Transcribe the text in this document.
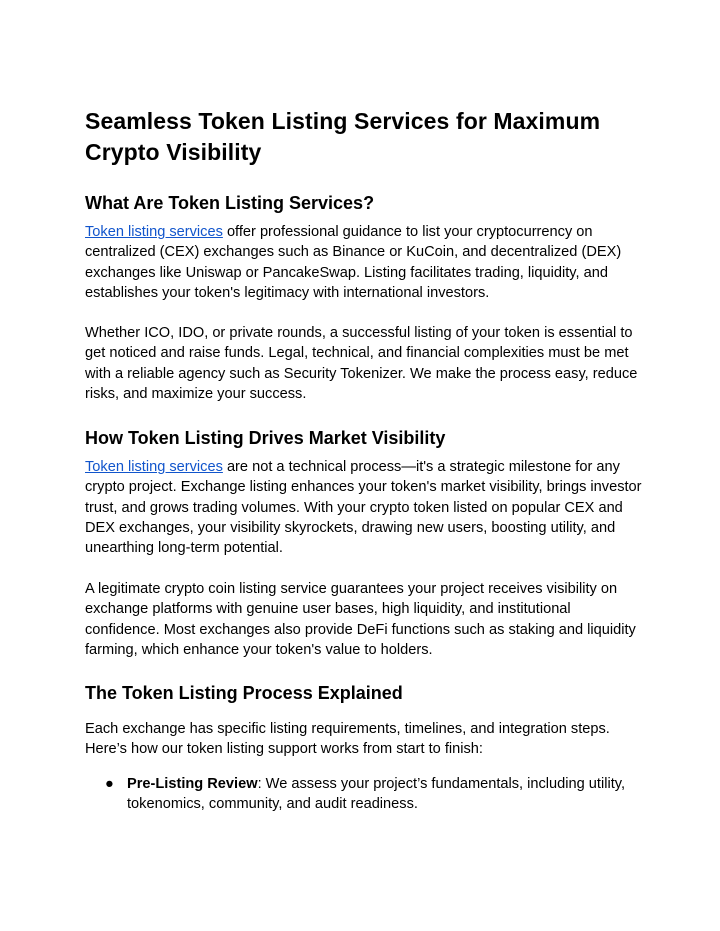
Seamless Token Listing Services for Maximum Crypto Visibility
What Are Token Listing Services?

Token listing services offer professional guidance to list your cryptocurrency on centralized (CEX) exchanges such as Binance or KuCoin, and decentralized (DEX) exchanges like Uniswap or PancakeSwap. Listing facilitates trading, liquidity, and establishes your token's legitimacy with international investors.

Whether ICO, IDO, or private rounds, a successful listing of your token is essential to get noticed and raise funds. Legal, technical, and financial complexities must be met with a reliable agency such as Security Tokenizer. We make the process easy, reduce risks, and maximize your success.

How Token Listing Drives Market Visibility

Token listing services are not a technical process—it's a strategic milestone for any crypto project. Exchange listing enhances your token's market visibility, brings investor trust, and grows trading volumes. With your crypto token listed on popular CEX and DEX exchanges, your visibility skyrockets, drawing new users, boosting utility, and unearthing long-term potential.

A legitimate crypto coin listing service guarantees your project receives visibility on exchange platforms with genuine user bases, high liquidity, and institutional confidence. Most exchanges also provide DeFi functions such as staking and liquidity farming, which enhance your token's value to holders.

The Token Listing Process Explained

Each exchange has specific listing requirements, timelines, and integration steps. Here’s how our token listing support works from start to finish:

● Pre-Listing Review: We assess your project’s fundamentals, including utility, tokenomics, community, and audit readiness.
